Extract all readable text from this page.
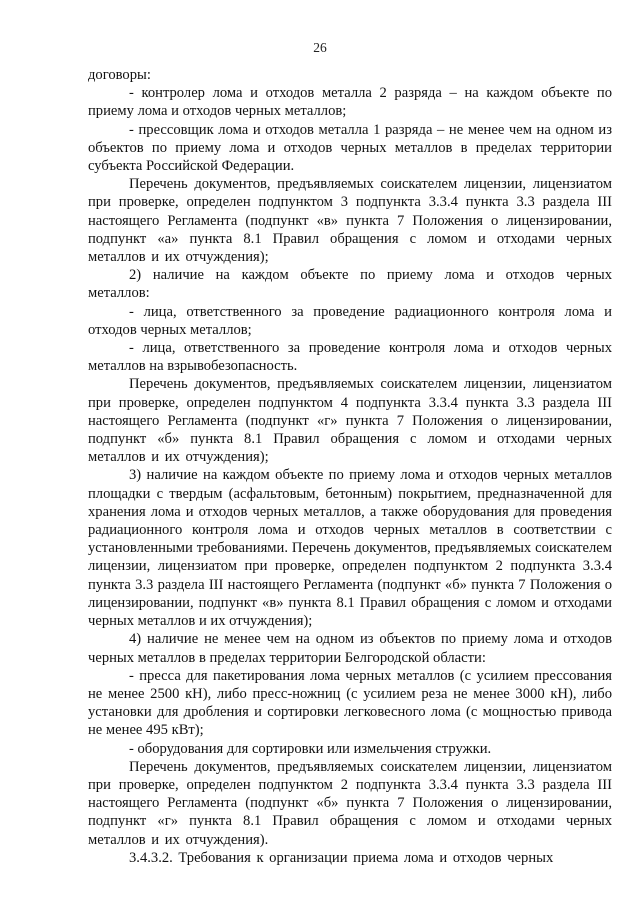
26

договоры:

- контролер лома и отходов металла 2 разряда – на каждом объекте по приему лома и отходов черных металлов;

- прессовщик лома и отходов металла 1 разряда – не менее чем на одном из объектов по приему лома и отходов черных металлов в пределах территории субъекта Российской Федерации.

Перечень документов, предъявляемых соискателем лицензии, лицензиатом при проверке, определен подпунктом 3 подпункта 3.3.4 пункта 3.3 раздела III настоящего Регламента (подпункт «в» пункта 7 Положения о лицензировании, подпункт «а» пункта 8.1 Правил обращения с ломом и отходами черных металлов и их отчуждения);

2) наличие на каждом объекте по приему лома и отходов черных металлов:

- лица, ответственного за проведение радиационного контроля лома и отходов черных металлов;

- лица, ответственного за проведение контроля лома и отходов черных металлов на взрывобезопасность.

Перечень документов, предъявляемых соискателем лицензии, лицензиатом при проверке, определен подпунктом 4 подпункта 3.3.4 пункта 3.3 раздела III настоящего Регламента (подпункт «г» пункта 7 Положения о лицензировании, подпункт «б» пункта 8.1 Правил обращения с ломом и отходами черных металлов и их отчуждения);

3) наличие на каждом объекте по приему лома и отходов черных металлов площадки с твердым (асфальтовым, бетонным) покрытием, предназначенной для хранения лома и отходов черных металлов, а также оборудования для проведения радиационного контроля лома и отходов черных металлов в соответствии с установленными требованиями. Перечень документов, предъявляемых соискателем лицензии, лицензиатом при проверке, определен подпунктом 2 подпункта 3.3.4 пункта 3.3 раздела III настоящего Регламента (подпункт «б» пункта 7 Положения о лицензировании, подпункт «в» пункта 8.1 Правил обращения с ломом и отходами черных металлов и их отчуждения);

4) наличие не менее чем на одном из объектов по приему лома и отходов черных металлов в пределах территории Белгородской области:

- пресса для пакетирования лома черных металлов (с усилием прессования не менее 2500 кН), либо пресс-ножниц (с усилием реза не менее 3000 кН), либо установки для дробления и сортировки легковесного лома (с мощностью привода не менее 495 кВт);

- оборудования для сортировки или измельчения стружки.

Перечень документов, предъявляемых соискателем лицензии, лицензиатом при проверке, определен подпунктом 2 подпункта 3.3.4 пункта 3.3 раздела III настоящего Регламента (подпункт «б» пункта 7 Положения о лицензировании, подпункт «г» пункта 8.1 Правил обращения с ломом и отходами черных металлов и их отчуждения).

3.4.3.2. Требования к организации приема лома и отходов черных
